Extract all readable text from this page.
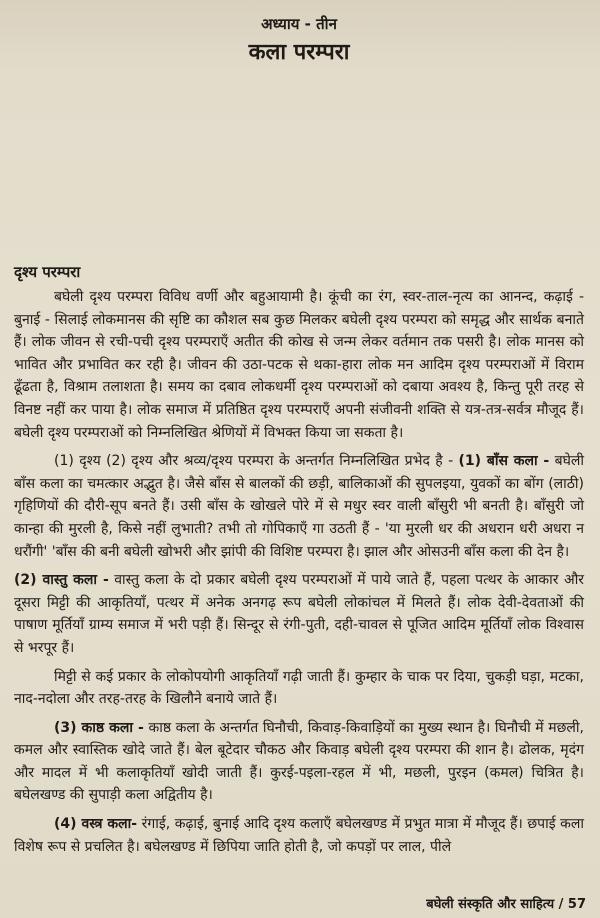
अध्याय - तीन
कला परम्परा
दृश्य परम्परा

बघेली दृश्य परम्परा विविध वर्णी और बहुआयामी है। कूंची का रंग, स्वर-ताल-नृत्य का आनन्द, कढ़ाई - बुनाई - सिलाई लोकमानस की सृष्टि का कौशल सब कुछ मिलकर बघेली दृश्य परम्परा को समृद्ध और सार्थक बनाते हैं। लोक जीवन से रची-पची दृश्य परम्पराएँ अतीत की कोख से जन्म लेकर वर्तमान तक पसरी है। लोक मानस को भावित और प्रभावित कर रही है। जीवन की उठा-पटक से थका-हारा लोक मन आदिम दृश्य परम्पराओं में विराम ढूँढता है, विश्राम तलाशता है। समय का दबाव लोकधर्मी दृश्य परम्पराओं को दबाया अवश्य है, किन्तु पूरी तरह से विनष्ट नहीं कर पाया है। लोक समाज में प्रतिष्ठित दृश्य परम्पराएँ अपनी संजीवनी शक्ति से यत्र-तत्र-सर्वत्र मौजूद हैं। बघेली दृश्य परम्पराओं को निम्नलिखित श्रेणियों में विभक्त किया जा सकता है।

(1) दृश्य (2) दृश्य और श्रव्य/दृश्य परम्परा के अन्तर्गत निम्नलिखित प्रभेद है - (1) बाँस कला - बघेली बाँस कला का चमत्कार अद्भुत है। जैसे बाँस से बालकों की छड़ी, बालिकाओं की सुपलइया, युवकों का बोंग (लाठी) गृहिणियों की दौरी-सूप बनते हैं। उसी बाँस के खोखले पोरे में से मधुर स्वर वाली बाँसुरी भी बनती है। बाँसुरी जो कान्हा की मुरली है, किसे नहीं लुभाती? तभी तो गोपिकाएँ गा उठती हैं - 'या मुरली धर की अधरान धरी अधरा न धरौंगी' 'बाँस की बनी बघेली खोभरी और झांपी की विशिष्ट परम्परा है। झाल और ओसउनी बाँस कला की देन है।

(2) वास्तु कला - वास्तु कला के दो प्रकार बघेली दृश्य परम्पराओं में पाये जाते हैं, पहला पत्थर के आकार और दूसरा मिट्टी की आकृतियाँ, पत्थर में अनेक अनगढ़ रूप बघेली लोकांचल में मिलते हैं। लोक देवी-देवताओं की पाषाण मूर्तियाँ ग्राम्य समाज में भरी पड़ी हैं। सिन्दूर से रंगी-पुती, दही-चावल से पूजित आदिम मूर्तियाँ लोक विश्वास से भरपूर हैं।

मिट्टी से कई प्रकार के लोकोपयोगी आकृतियाँ गढ़ी जाती हैं। कुम्हार के चाक पर दिया, चुकड़ी घड़ा, मटका, नाद-नदोला और तरह-तरह के खिलौने बनाये जाते हैं।

(3) काष्ठ कला - काष्ठ कला के अन्तर्गत घिनौची, किवाड़-किवाड़ियों का मुख्य स्थान है। घिनौची में मछली, कमल और स्वास्तिक खोदे जाते हैं। बेल बूटेदार चौकठ और किवाड़ बघेली दृश्य परम्परा की शान है। ढोलक, मृदंग और मादल में भी कलाकृतियाँ खोदी जाती हैं। कुरई-पइला-रहल में भी, मछली, पुरइन (कमल) चित्रित है। बघेलखण्ड की सुपाड़ी कला अद्वितीय है।

(4) वस्त्र कला- रंगाई, कढ़ाई, बुनाई आदि दृश्य कलाएँ बघेलखण्ड में प्रभुत मात्रा में मौजूद हैं। छपाई कला विशेष रूप से प्रचलित है। बघेलखण्ड में छिपिया जाति होती है, जो कपड़ों पर लाल, पीले

बघेली संस्कृति और साहित्य / 57
